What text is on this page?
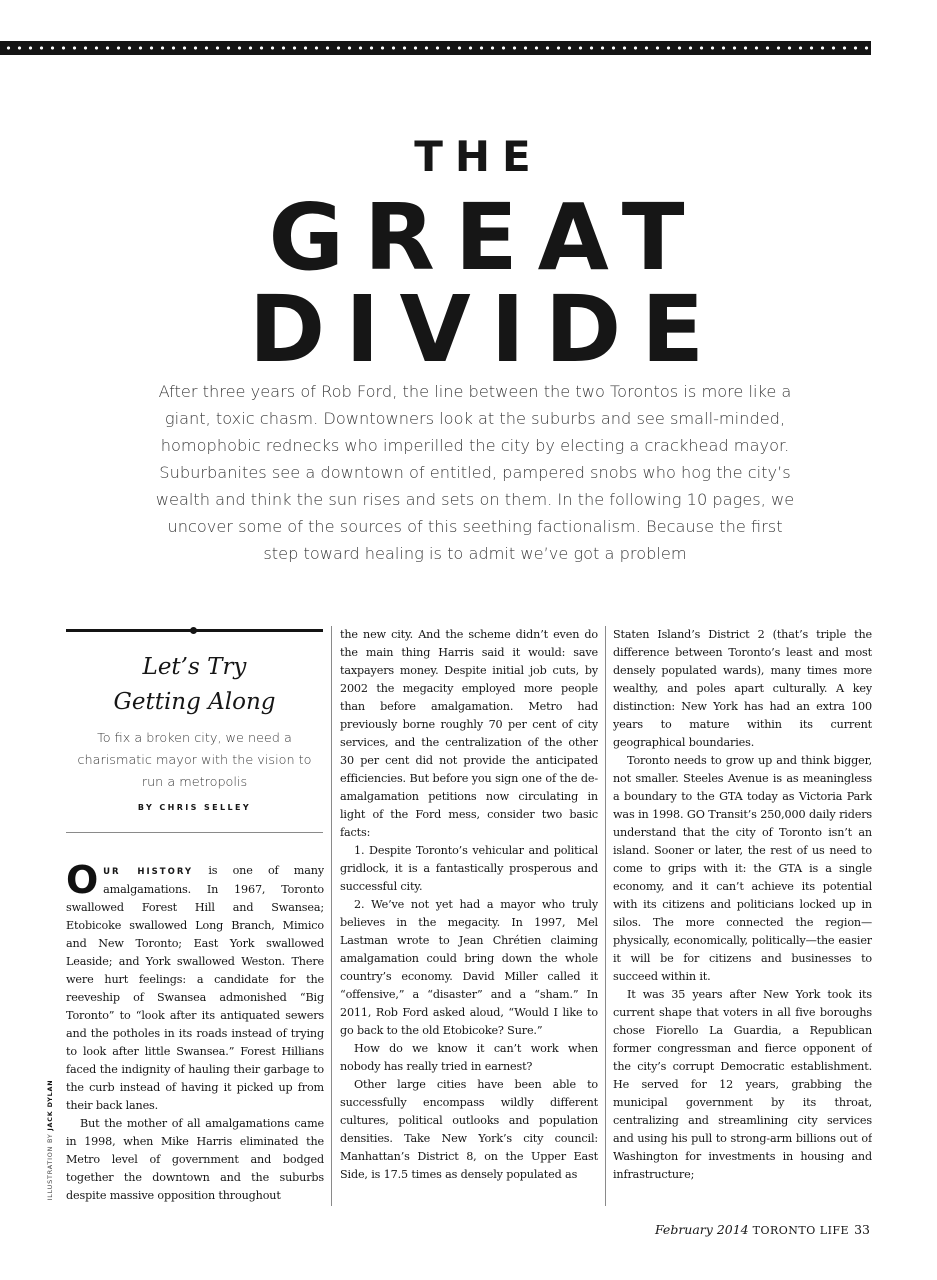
THE
GREAT
DIVIDE
After three years of Rob Ford, the line between the two Torontos is more like a giant, toxic chasm. Downtowners look at the suburbs and see small-minded, homophobic rednecks who imperilled the city by electing a crackhead mayor. Suburbanites see a downtown of entitled, pampered snobs who hog the city’s wealth and think the sun rises and sets on them. In the following 10 pages, we uncover some of the sources of this seething factionalism. Because the first step toward healing is to admit we’ve got a problem
Let’s Try
Getting Along
To fix a broken city, we need a charismatic mayor with the vision to run a metropolis
BY CHRIS SELLEY

OUR HISTORY is one of many amalgamations. In 1967, Toronto swallowed Forest Hill and Swansea; Etobicoke swallowed Long Branch, Mimico and New Toronto; East York swallowed Leaside; and York swallowed Weston. There were hurt feelings: a candidate for the reeveship of Swansea admonished “Big Toronto” to “look after its antiquated sewers and the potholes in its roads instead of trying to look after little Swansea.” Forest Hillians faced the indignity of hauling their garbage to the curb instead of having it picked up from their back lanes.

But the mother of all amalgamations came in 1998, when Mike Harris eliminated the Metro level of government and bodged together the downtown and the suburbs despite massive opposition throughout

the new city. And the scheme didn’t even do the main thing Harris said it would: save taxpayers money. Despite initial job cuts, by 2002 the megacity employed more people than before amalgamation. Metro had previously borne roughly 70 per cent of city services, and the centralization of the other 30 per cent did not provide the anticipated efficiencies. But before you sign one of the de-amalgamation petitions now circulating in light of the Ford mess, consider two basic facts:

1. Despite Toronto’s vehicular and political gridlock, it is a fantastically prosperous and successful city.

2. We’ve not yet had a mayor who truly believes in the megacity. In 1997, Mel Lastman wrote to Jean Chrétien claiming amalgamation could bring down the whole country’s economy. David Miller called it “offensive,” a “disaster” and a “sham.” In 2011, Rob Ford asked aloud, “Would I like to go back to the old Etobicoke? Sure.”

How do we know it can’t work when nobody has really tried in earnest?

Other large cities have been able to successfully encompass wildly different cultures, political outlooks and population densities. Take New York’s city council: Manhattan’s District 8, on the Upper East Side, is 17.5 times as densely populated as

Staten Island’s District 2 (that’s triple the difference between Toronto’s least and most densely populated wards), many times more wealthy, and poles apart culturally. A key distinction: New York has had an extra 100 years to mature within its current geographical boundaries.

Toronto needs to grow up and think bigger, not smaller. Steeles Avenue is as meaningless a boundary to the GTA today as Victoria Park was in 1998. GO Transit’s 250,000 daily riders understand that the city of Toronto isn’t an island. Sooner or later, the rest of us need to come to grips with it: the GTA is a single economy, and it can’t achieve its potential with its citizens and politicians locked up in silos. The more connected the region—physically, economically, politically—the easier it will be for citizens and businesses to succeed within it.

It was 35 years after New York took its current shape that voters in all five boroughs chose Fiorello La Guardia, a Republican former congressman and fierce opponent of the city’s corrupt Democratic establishment. He served for 12 years, grabbing the municipal government by its throat, centralizing and streamlining city services and using his pull to strong-arm billions out of Washington for investments in housing and infrastructure;

ILLUSTRATION BY JACK DYLAN
February 2014 TORONTO LIFE 33
